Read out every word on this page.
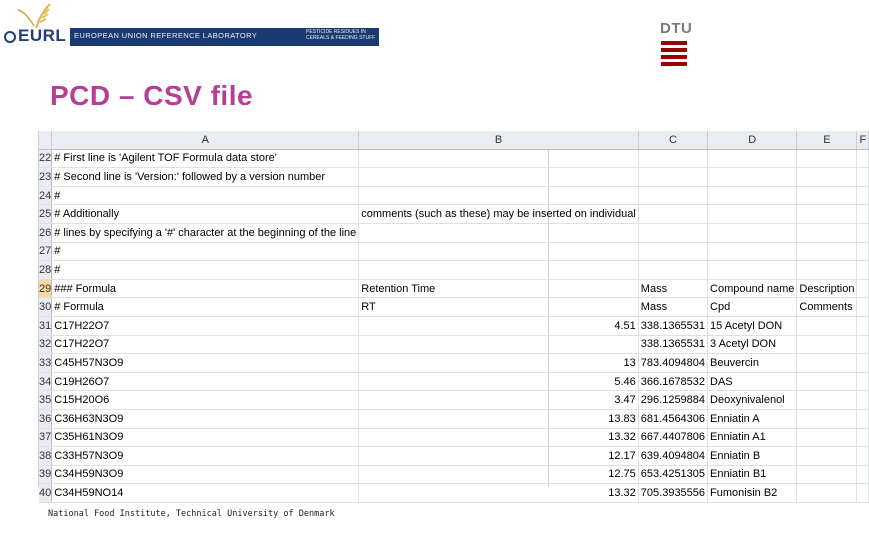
EURL EUROPEAN UNION REFERENCE LABORATORY	PESTICIDE RESIDUES IN CEREALS & FEEDING STUFF
DTU
PCD – CSV file
	A	B	C	D	E	F
22	# First line is 'Agilent TOF Formula data store'					
23	# Second line is 'Version:' followed by a version number					
24	#					
25	# Additionally	comments (such as these) may be inserted on individual				
26	# lines by specifying a '#' character at the beginning of the line					
27	#					
28	#					
29	### Formula	Retention Time	Mass	Compound name	Description	
30	# Formula	RT	Mass	Cpd	Comments	
31	C17H22O7	4.51	338.1365531	15 Acetyl DON		
32	C17H22O7		338.1365531	3 Acetyl DON		
33	C45H57N3O9	13	783.4094804	Beuvercin		
34	C19H26O7	5.46	366.1678532	DAS		
35	C15H20O6	3.47	296.1259884	Deoxynivalenol		
36	C36H63N3O9	13.83	681.4564306	Enniatin A		
37	C35H61N3O9	13.32	667.4407806	Enniatin A1		
38	C33H57N3O9	12.17	639.4094804	Enniatin B		
39	C34H59N3O9	12.75	653.4251305	Enniatin B1		
40	C34H59NO14	13.32	705.3935556	Fumonisin B2		
National Food Institute, Technical University of Denmark
